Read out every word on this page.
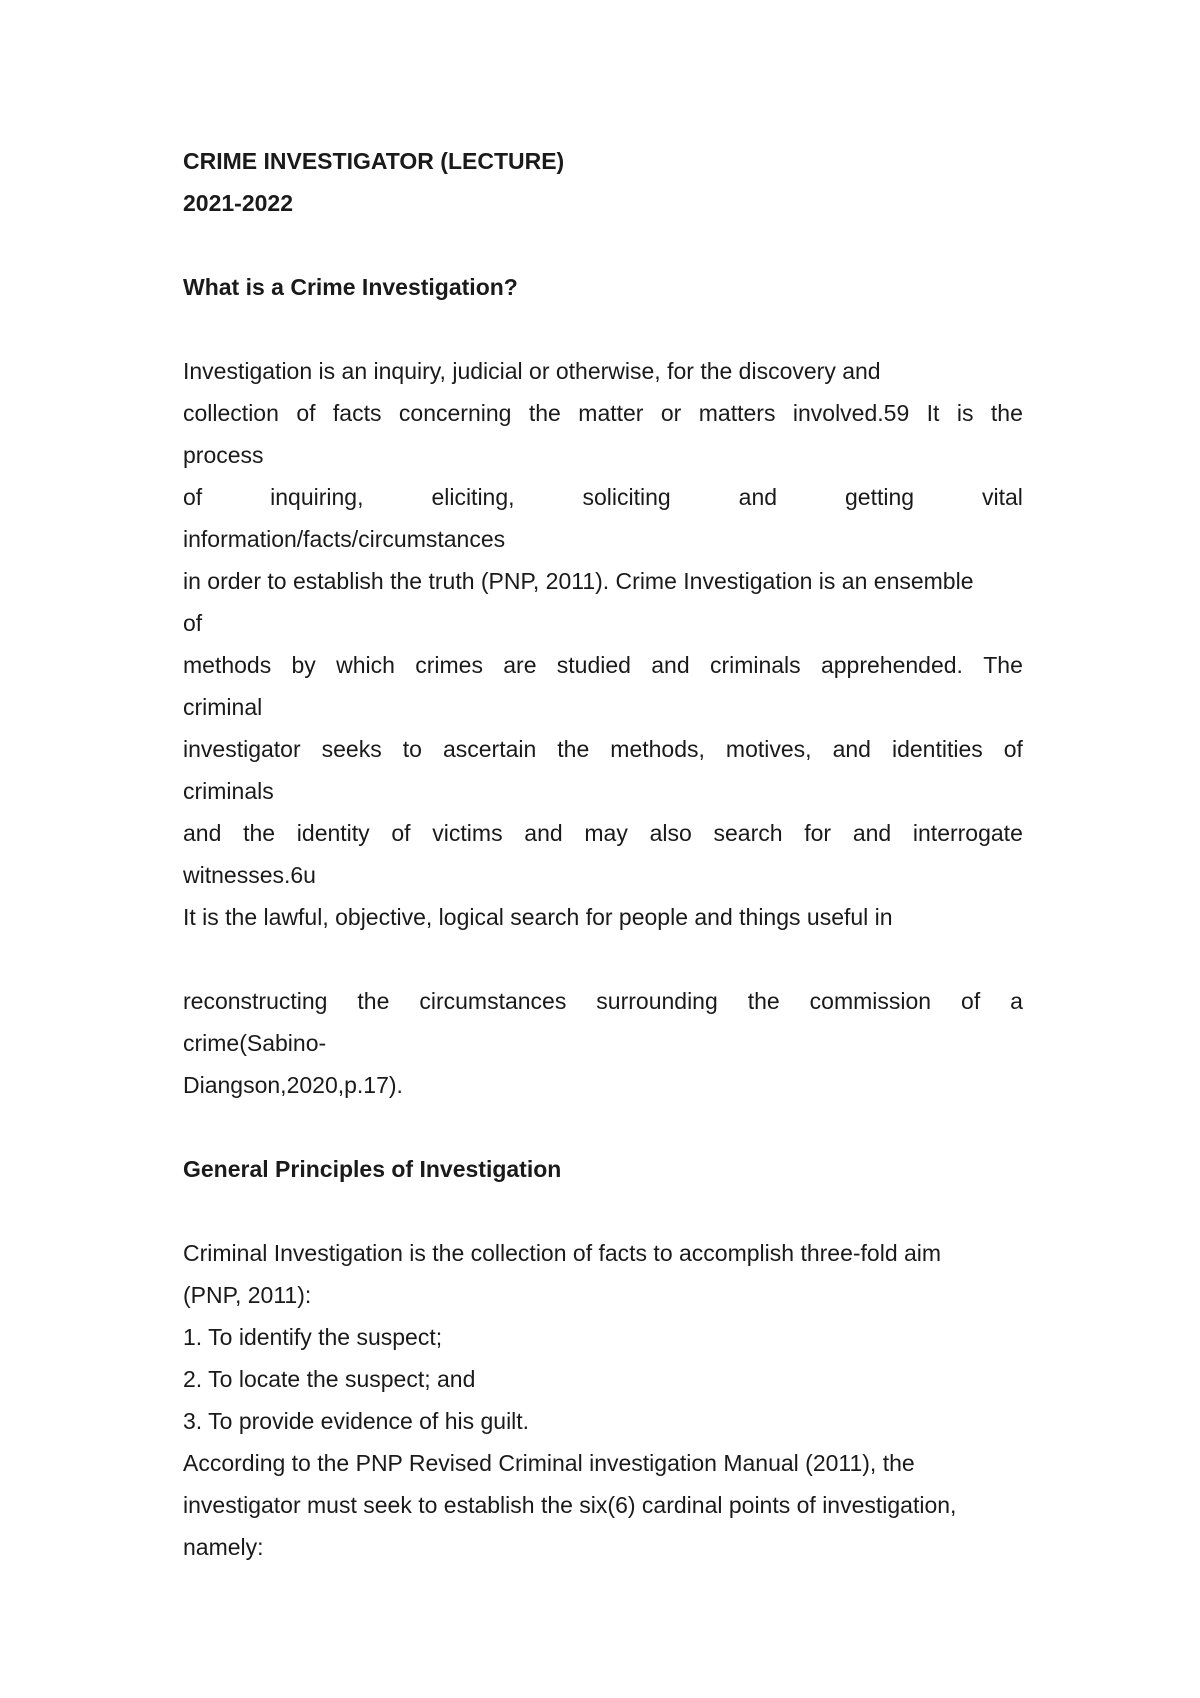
CRIME INVESTIGATOR (LECTURE)
2021-2022
What is a Crime Investigation?
Investigation is an inquiry, judicial or otherwise, for the discovery and
collection of facts concerning the matter or matters involved.59 It is the
process
of	inquiring,	eliciting,	soliciting	and	getting	vital
information/facts/circumstances
in order to establish the truth (PNP, 2011). Crime Investigation is an ensemble
of
methods by which crimes are studied and criminals apprehended. The
criminal
investigator seeks to ascertain the methods, motives, and identities of
criminals
and the identity of victims and may also search for and interrogate
witnesses.6u
It is the lawful, objective, logical search for people and things useful in
reconstructing the circumstances surrounding the commission of a
crime(Sabino-
Diangson,2020,p.17).
General Principles of Investigation
Criminal Investigation is the collection of facts to accomplish three-fold aim
(PNP, 2011):
1. To identify the suspect;
2. To locate the suspect; and
3. To provide evidence of his guilt.
According to the PNP Revised Criminal investigation Manual (2011), the
investigator must seek to establish the six(6) cardinal points of investigation,
namely:
